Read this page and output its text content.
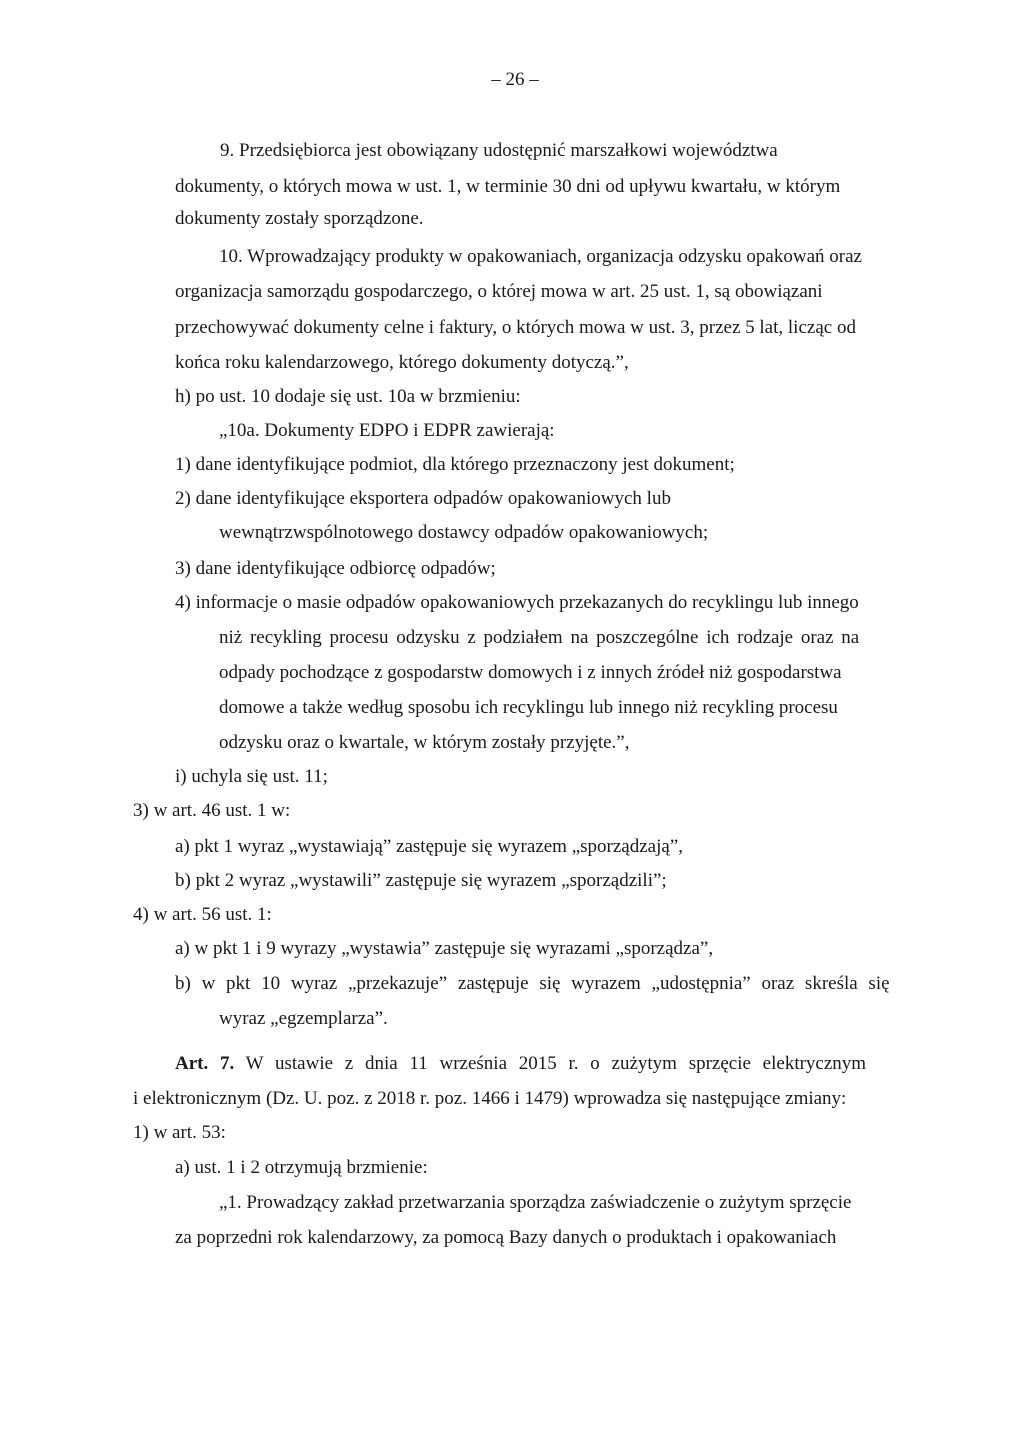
– 26 –
9. Przedsiębiorca jest obowiązany udostępnić marszałkowi województwa
dokumenty, o których mowa w ust. 1, w terminie 30 dni od upływu kwartału, w którym
dokumenty zostały sporządzone.
10. Wprowadzający produkty w opakowaniach, organizacja odzysku opakowań oraz
organizacja samorządu gospodarczego, o której mowa w art. 25 ust. 1, są obowiązani
przechowywać dokumenty celne i faktury, o których mowa w ust. 3, przez 5 lat, licząc od
końca roku kalendarzowego, którego dokumenty dotyczą.”,
h) po ust. 10 dodaje się ust. 10a w brzmieniu:
„10a. Dokumenty EDPO i EDPR zawierają:
1) dane identyfikujące podmiot, dla którego przeznaczony jest dokument;
2) dane identyfikujące eksportera odpadów opakowaniowych lub
wewnątrzwspólnotowego dostawcy odpadów opakowaniowych;
3) dane identyfikujące odbiorcę odpadów;
4) informacje o masie odpadów opakowaniowych przekazanych do recyklingu lub innego
niż recykling procesu odzysku z podziałem na poszczególne ich rodzaje oraz na
odpady pochodzące z gospodarstw domowych i z innych źródeł niż gospodarstwa
domowe a także według sposobu ich recyklingu lub innego niż recykling procesu
odzysku oraz o kwartale, w którym zostały przyjęte.”,
i) uchyla się ust. 11;
3) w art. 46 ust. 1 w:
a) pkt 1 wyraz „wystawiają” zastępuje się wyrazem „sporządzają”,
b) pkt 2 wyraz „wystawili” zastępuje się wyrazem „sporządzili”;
4) w art. 56 ust. 1:
a) w pkt 1 i 9 wyrazy „wystawia” zastępuje się wyrazami „sporządza”,
b) w pkt 10 wyraz „przekazuje” zastępuje się wyrazem „udostępnia” oraz skreśla się
wyraz „egzemplarza”.
Art. 7. W ustawie z dnia 11 września 2015 r. o zużytym sprzęcie elektrycznym
i elektronicznym (Dz. U. poz. z 2018 r. poz. 1466 i 1479) wprowadza się następujące zmiany:
1) w art. 53:
a) ust. 1 i 2 otrzymują brzmienie:
„1. Prowadzący zakład przetwarzania sporządza zaświadczenie o zużytym sprzęcie
za poprzedni rok kalendarzowy, za pomocą Bazy danych o produktach i opakowaniach
